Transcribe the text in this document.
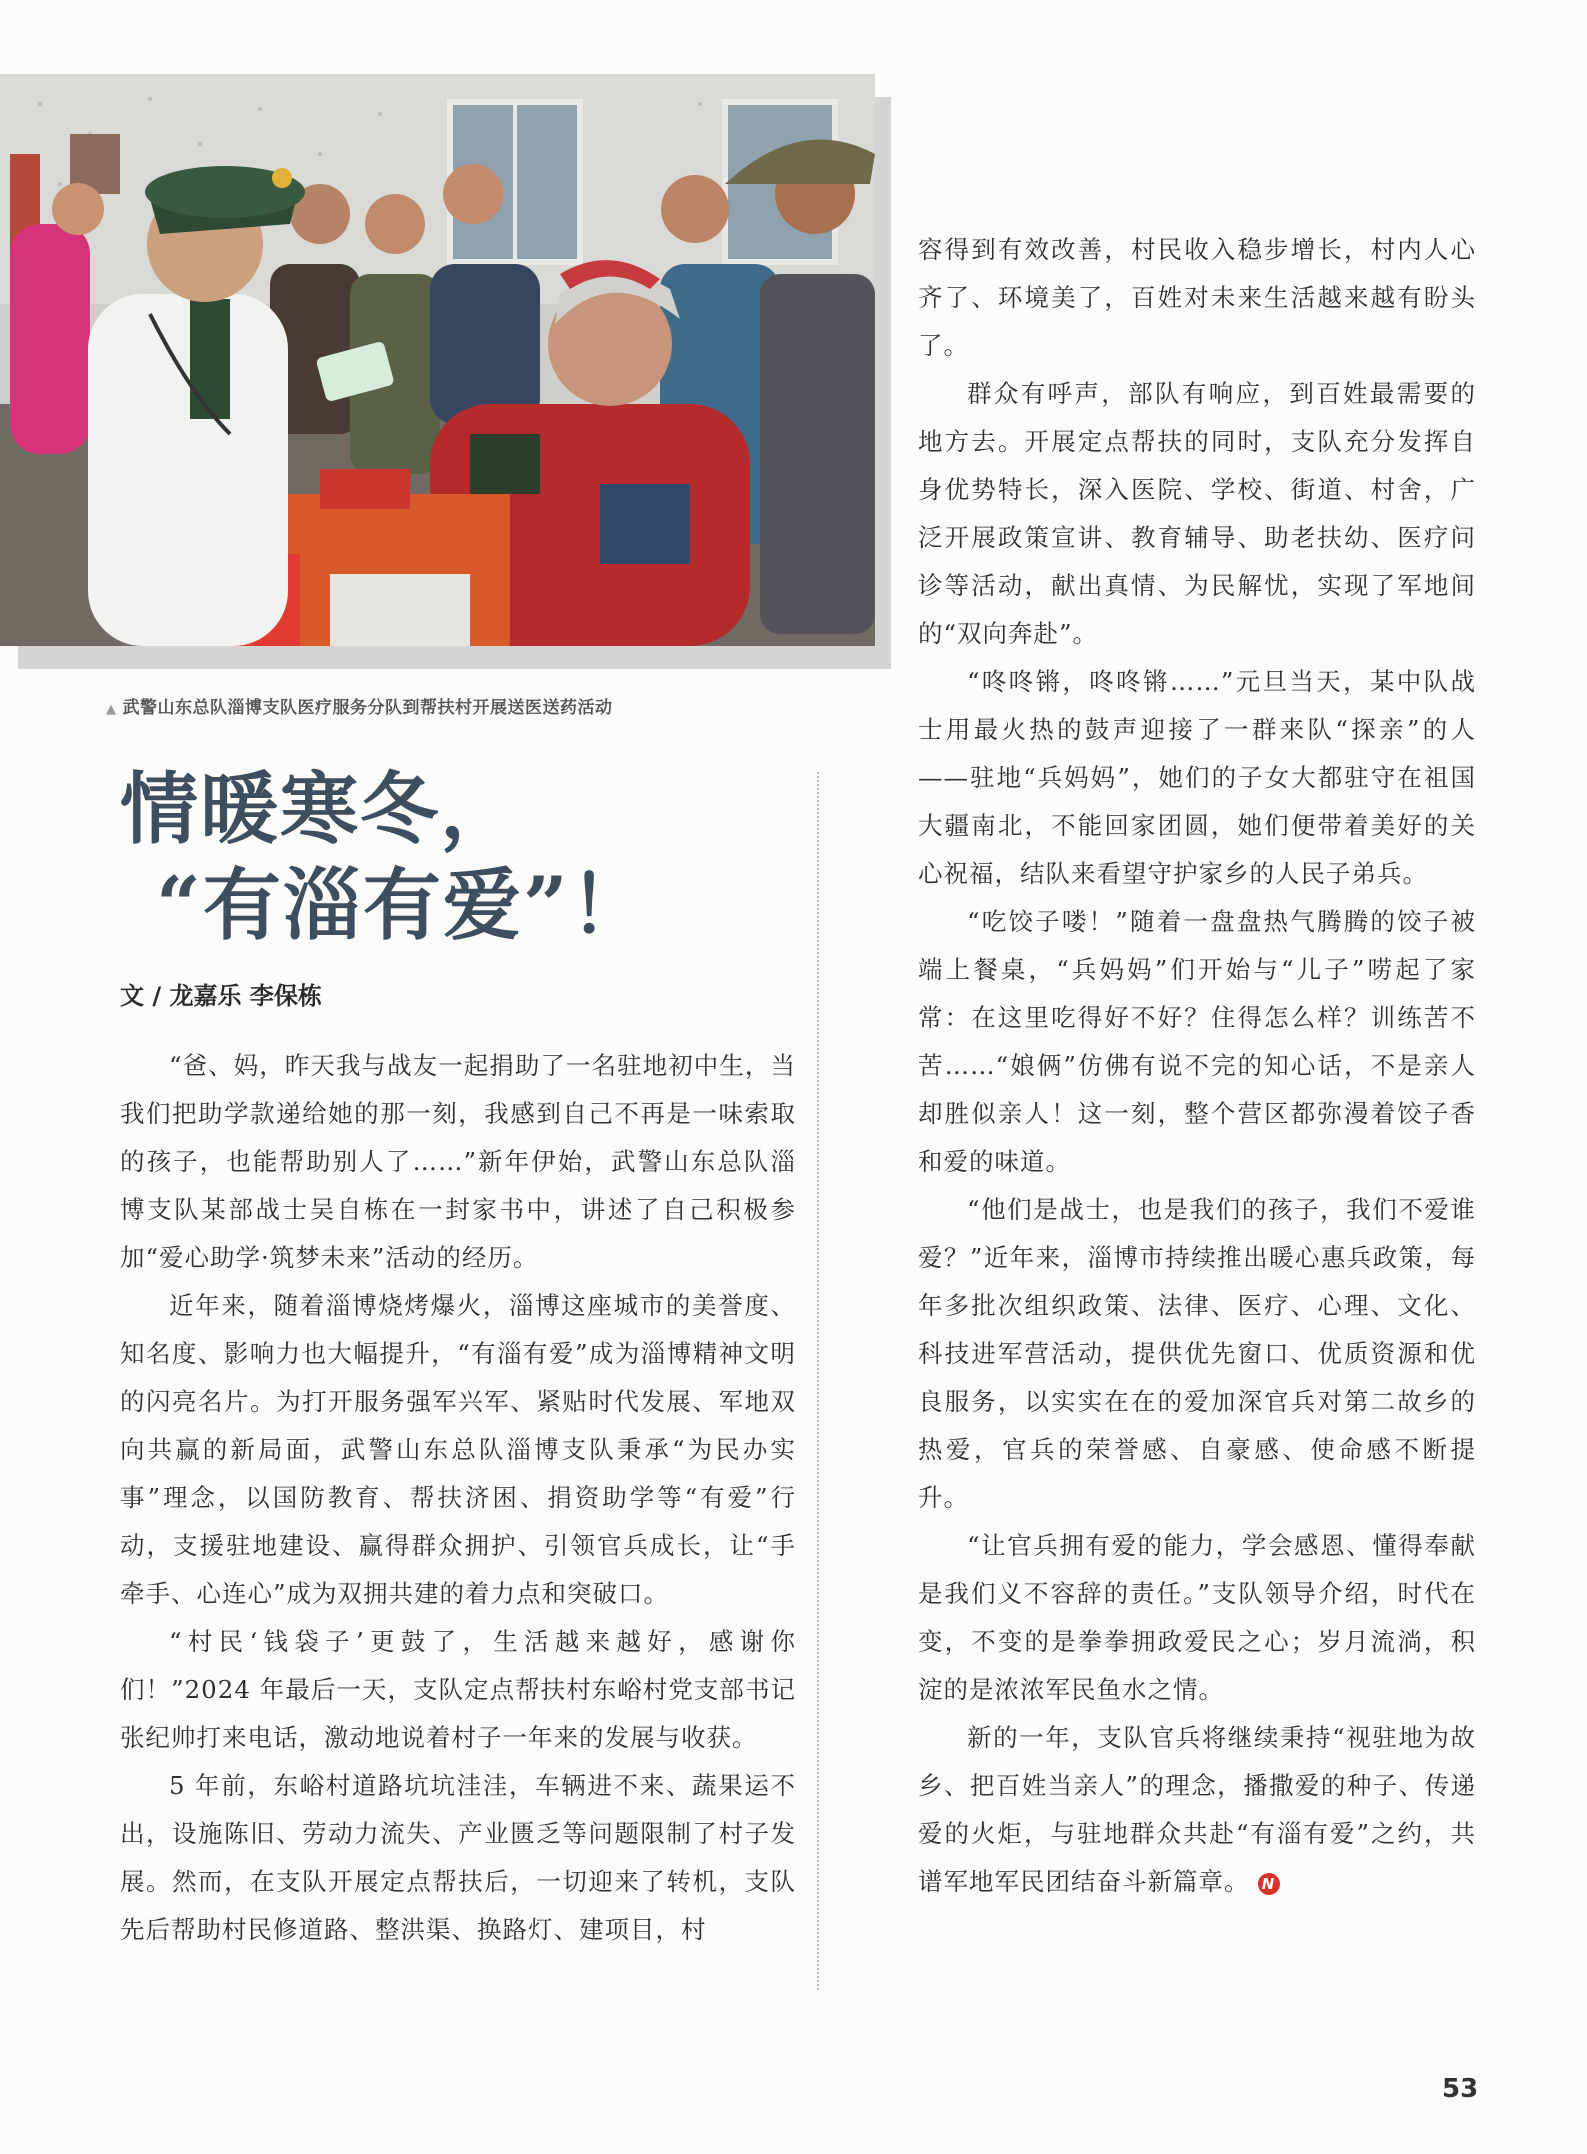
▲ 武警山东总队淄博支队医疗服务分队到帮扶村开展送医送药活动
情暖寒冬，
“有淄有爱”！
文 / 龙嘉乐 李保栋

“爸、妈，昨天我与战友一起捐助了一名驻地初中生，当我们把助学款递给她的那一刻，我感到自己不再是一味索取的孩子，也能帮助别人了……”新年伊始，武警山东总队淄博支队某部战士吴自栋在一封家书中，讲述了自己积极参加“爱心助学·筑梦未来”活动的经历。

近年来，随着淄博烧烤爆火，淄博这座城市的美誉度、知名度、影响力也大幅提升，“有淄有爱”成为淄博精神文明的闪亮名片。为打开服务强军兴军、紧贴时代发展、军地双向共赢的新局面，武警山东总队淄博支队秉承“为民办实事”理念，以国防教育、帮扶济困、捐资助学等“有爱”行动，支援驻地建设、赢得群众拥护、引领官兵成长，让“手牵手、心连心”成为双拥共建的着力点和突破口。

“村民‘钱袋子’更鼓了，生活越来越好，感谢你们！”2024 年最后一天，支队定点帮扶村东峪村党支部书记张纪帅打来电话，激动地说着村子一年来的发展与收获。

5 年前，东峪村道路坑坑洼洼，车辆进不来、蔬果运不出，设施陈旧、劳动力流失、产业匮乏等问题限制了村子发展。然而，在支队开展定点帮扶后，一切迎来了转机，支队先后帮助村民修道路、整洪渠、换路灯、建项目，村

容得到有效改善，村民收入稳步增长，村内人心齐了、环境美了，百姓对未来生活越来越有盼头了。

群众有呼声，部队有响应，到百姓最需要的地方去。开展定点帮扶的同时，支队充分发挥自身优势特长，深入医院、学校、街道、村舍，广泛开展政策宣讲、教育辅导、助老扶幼、医疗问诊等活动，献出真情、为民解忧，实现了军地间的“双向奔赴”。

“咚咚锵，咚咚锵……”元旦当天，某中队战士用最火热的鼓声迎接了一群来队“探亲”的人——驻地“兵妈妈”，她们的子女大都驻守在祖国大疆南北，不能回家团圆，她们便带着美好的关心祝福，结队来看望守护家乡的人民子弟兵。

“吃饺子喽！”随着一盘盘热气腾腾的饺子被端上餐桌，“兵妈妈”们开始与“儿子”唠起了家常：在这里吃得好不好？住得怎么样？训练苦不苦……“娘俩”仿佛有说不完的知心话，不是亲人却胜似亲人！这一刻，整个营区都弥漫着饺子香和爱的味道。

“他们是战士，也是我们的孩子，我们不爱谁爱？”近年来，淄博市持续推出暖心惠兵政策，每年多批次组织政策、法律、医疗、心理、文化、科技进军营活动，提供优先窗口、优质资源和优良服务，以实实在在的爱加深官兵对第二故乡的热爱，官兵的荣誉感、自豪感、使命感不断提升。

“让官兵拥有爱的能力，学会感恩、懂得奉献是我们义不容辞的责任。”支队领导介绍，时代在变，不变的是拳拳拥政爱民之心；岁月流淌，积淀的是浓浓军民鱼水之情。

新的一年，支队官兵将继续秉持“视驻地为故乡、把百姓当亲人”的理念，播撒爱的种子、传递爱的火炬，与驻地群众共赴“有淄有爱”之约，共谱军地军民团结奋斗新篇章。 N

53
